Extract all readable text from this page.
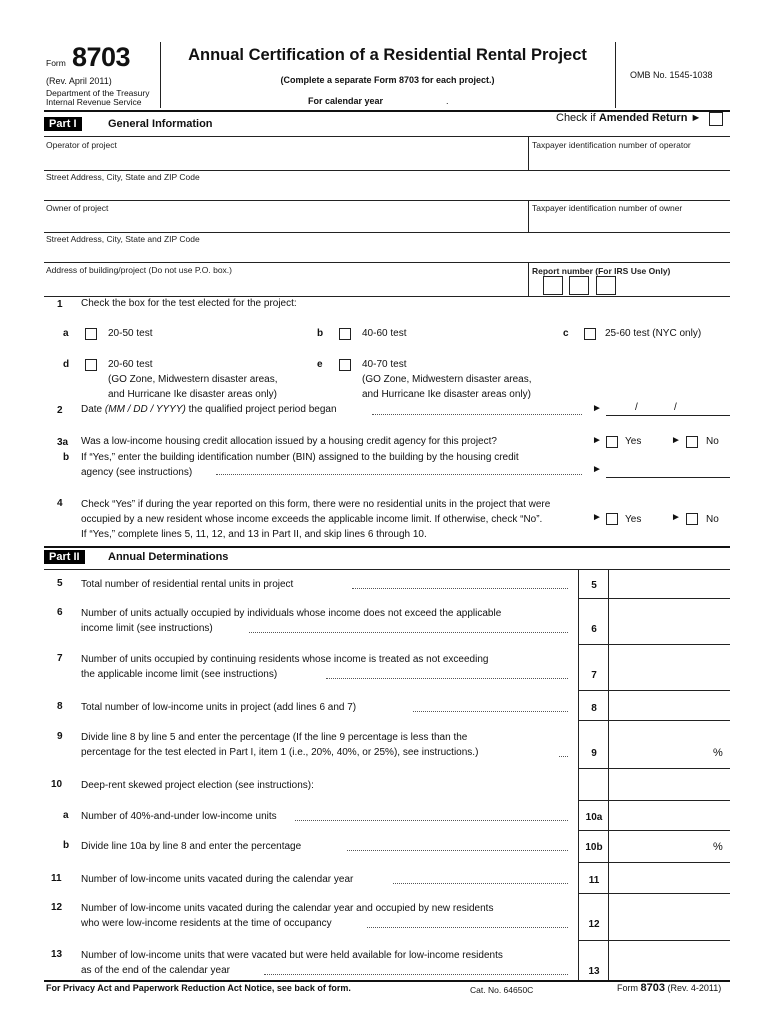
Form 8703
(Rev. April 2011)
Department of the Treasury
Internal Revenue Service
Annual Certification of a Residential Rental Project
(Complete a separate Form 8703 for each project.)
For calendar year	.
OMB No. 1545-1038
Part I	General Information	Check if Amended Return ►
Operator of project	Taxpayer identification number of operator
Street Address, City, State and ZIP Code
Owner of project	Taxpayer identification number of owner
Street Address, City, State and ZIP Code
Address of building/project (Do not use P.O. box.)	Report number (For IRS Use Only)
1 Check the box for the test elected for the project:
a	20-50 test	b	40-60 test	c	25-60 test (NYC only)
d	20-60 test
(GO Zone, Midwestern disaster areas,
and Hurricane Ike disaster areas only)
e	40-70 test
(GO Zone, Midwestern disaster areas,
and Hurricane Ike disaster areas only)
2 Date (MM / DD / YYYY) the qualified project period began	►	/	/
3a Was a low-income housing credit allocation issued by a housing credit agency for this project?	► Yes	►	No
b If “Yes,” enter the building identification number (BIN) assigned to the building by the housing credit
agency (see instructions)	►
4 Check “Yes” if during the year reported on this form, there were no residential units in the project that were
occupied by a new resident whose income exceeds the applicable income limit. If otherwise, check “No”.
If “Yes,” complete lines 5, 11, 12, and 13 in Part II, and skip lines 6 through 10.
► Yes	►	No
Part II	Annual Determinations
5 Total number of residential rental units in project	5
6 Number of units actually occupied by individuals whose income does not exceed the applicable
income limit (see instructions)	6
7 Number of units occupied by continuing residents whose income is treated as not exceeding
the applicable income limit (see instructions)	7
8 Total number of low-income units in project (add lines 6 and 7)	8
9 Divide line 8 by line 5 and enter the percentage (If the line 9 percentage is less than the
percentage for the test elected in Part I, item 1 (i.e., 20%, 40%, or 25%), see instructions.)	9	%
10 Deep-rent skewed project election (see instructions):
a Number of 40%-and-under low-income units	10a
b Divide line 10a by line 8 and enter the percentage	10b	%
11 Number of low-income units vacated during the calendar year	11
12 Number of low-income units vacated during the calendar year and occupied by new residents
who were low-income residents at the time of occupancy	12
13 Number of low-income units that were vacated but were held available for low-income residents
as of the end of the calendar year	13
For Privacy Act and Paperwork Reduction Act Notice, see back of form.	Cat. No. 64650C	Form 8703 (Rev. 4-2011)
